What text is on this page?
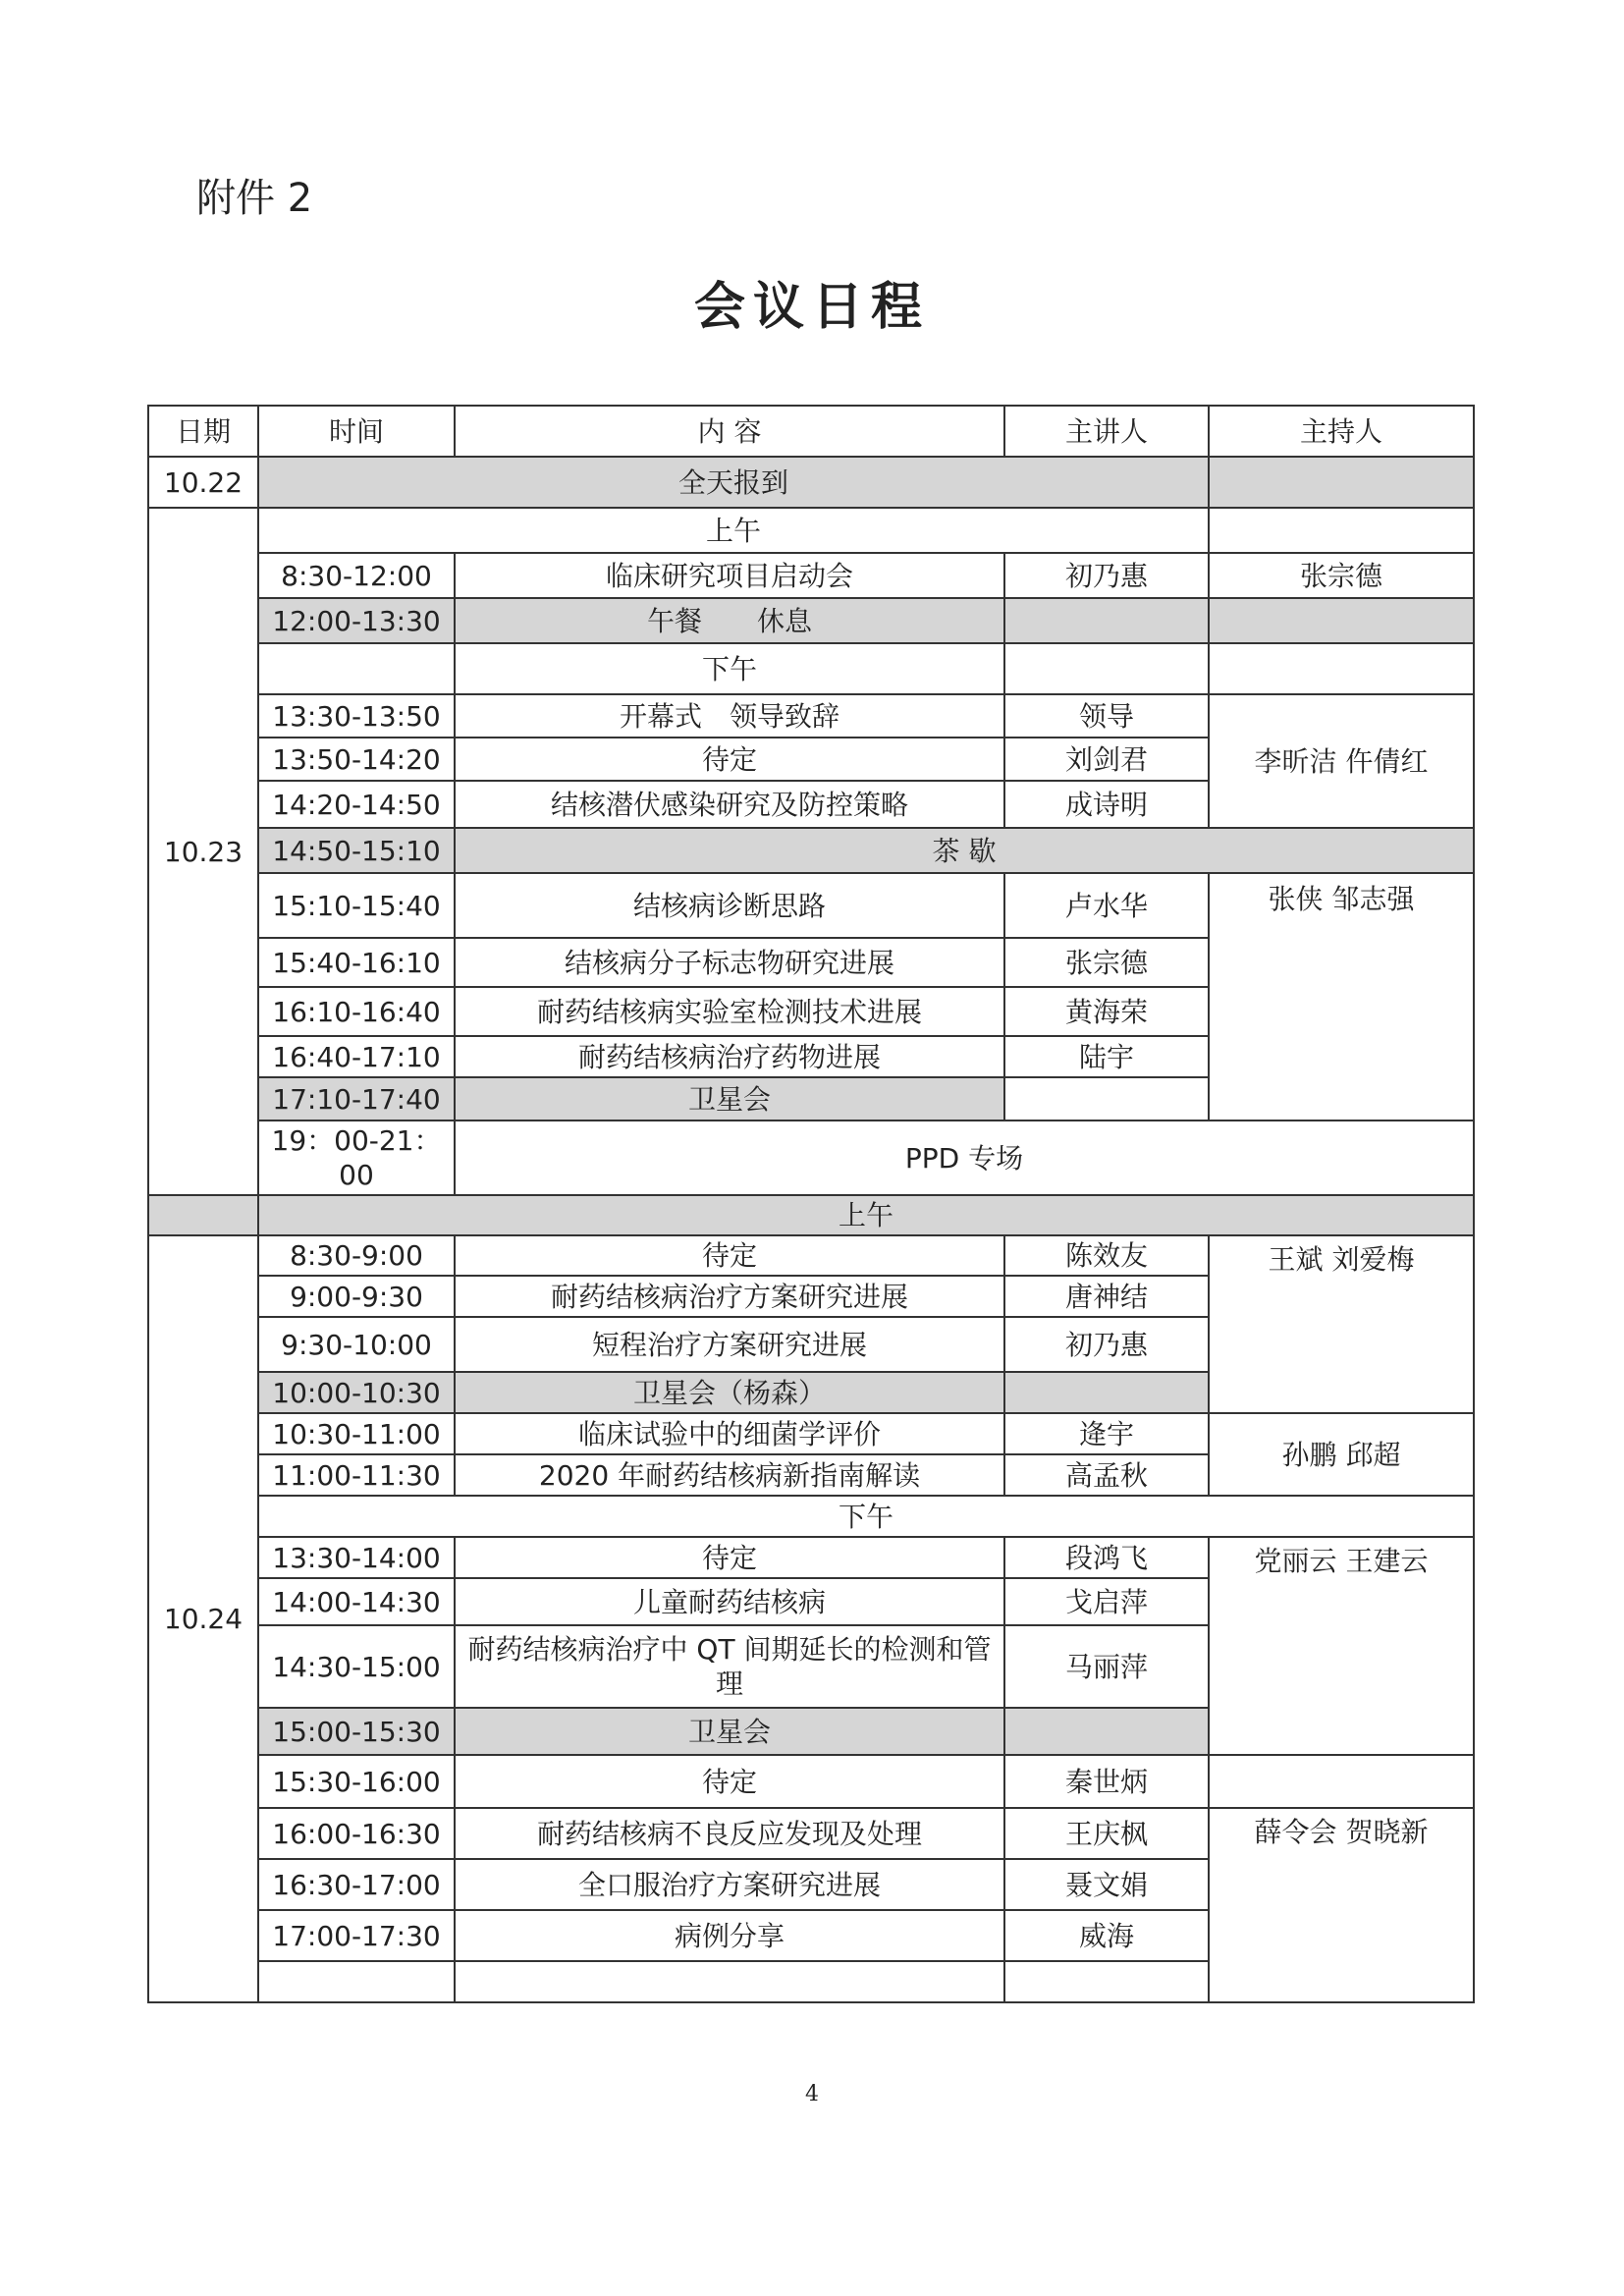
附件 2
会议日程
日期	时间	内 容	主讲人	主持人
10.22	全天报到			
10.23	上午			
	8:30-12:00	临床研究项目启动会	初乃惠	张宗德
	12:00-13:30	午餐　　休息		
		下午		
	13:30-13:50	开幕式　领导致辞	领导	李昕洁 仵倩红
	13:50-14:20	待定	刘剑君	
	14:20-14:50	结核潜伏感染研究及防控策略	成诗明	
	14:50-15:10	茶 歇		
	15:10-15:40	结核病诊断思路	卢水华	张侠 邹志强
	15:40-16:10	结核病分子标志物研究进展	张宗德	
	16:10-16:40	耐药结核病实验室检测技术进展	黄海荣	
	16:40-17:10	耐药结核病治疗药物进展	陆宇	
	17:10-17:40	卫星会		
	19：00-21：00	PPD 专场		
	上午			
10.24	8:30-9:00	待定	陈效友	王斌 刘爱梅
	9:00-9:30	耐药结核病治疗方案研究进展	唐神结	
	9:30-10:00	短程治疗方案研究进展	初乃惠	
	10:00-10:30	卫星会（杨森）		
	10:30-11:00	临床试验中的细菌学评价	逄宇	孙鹏 邱超
	11:00-11:30	2020 年耐药结核病新指南解读	高孟秋	
	下午			
	13:30-14:00	待定	段鸿飞	党丽云 王建云
	14:00-14:30	儿童耐药结核病	戈启萍	
	14:30-15:00	耐药结核病治疗中 QT 间期延长的检测和管理	马丽萍	
	15:00-15:30	卫星会		
	15:30-16:00	待定	秦世炳	
	16:00-16:30	耐药结核病不良反应发现及处理	王庆枫	薛令会 贺晓新
	16:30-17:00	全口服治疗方案研究进展	聂文娟	
	17:00-17:30	病例分享	威海	

4
